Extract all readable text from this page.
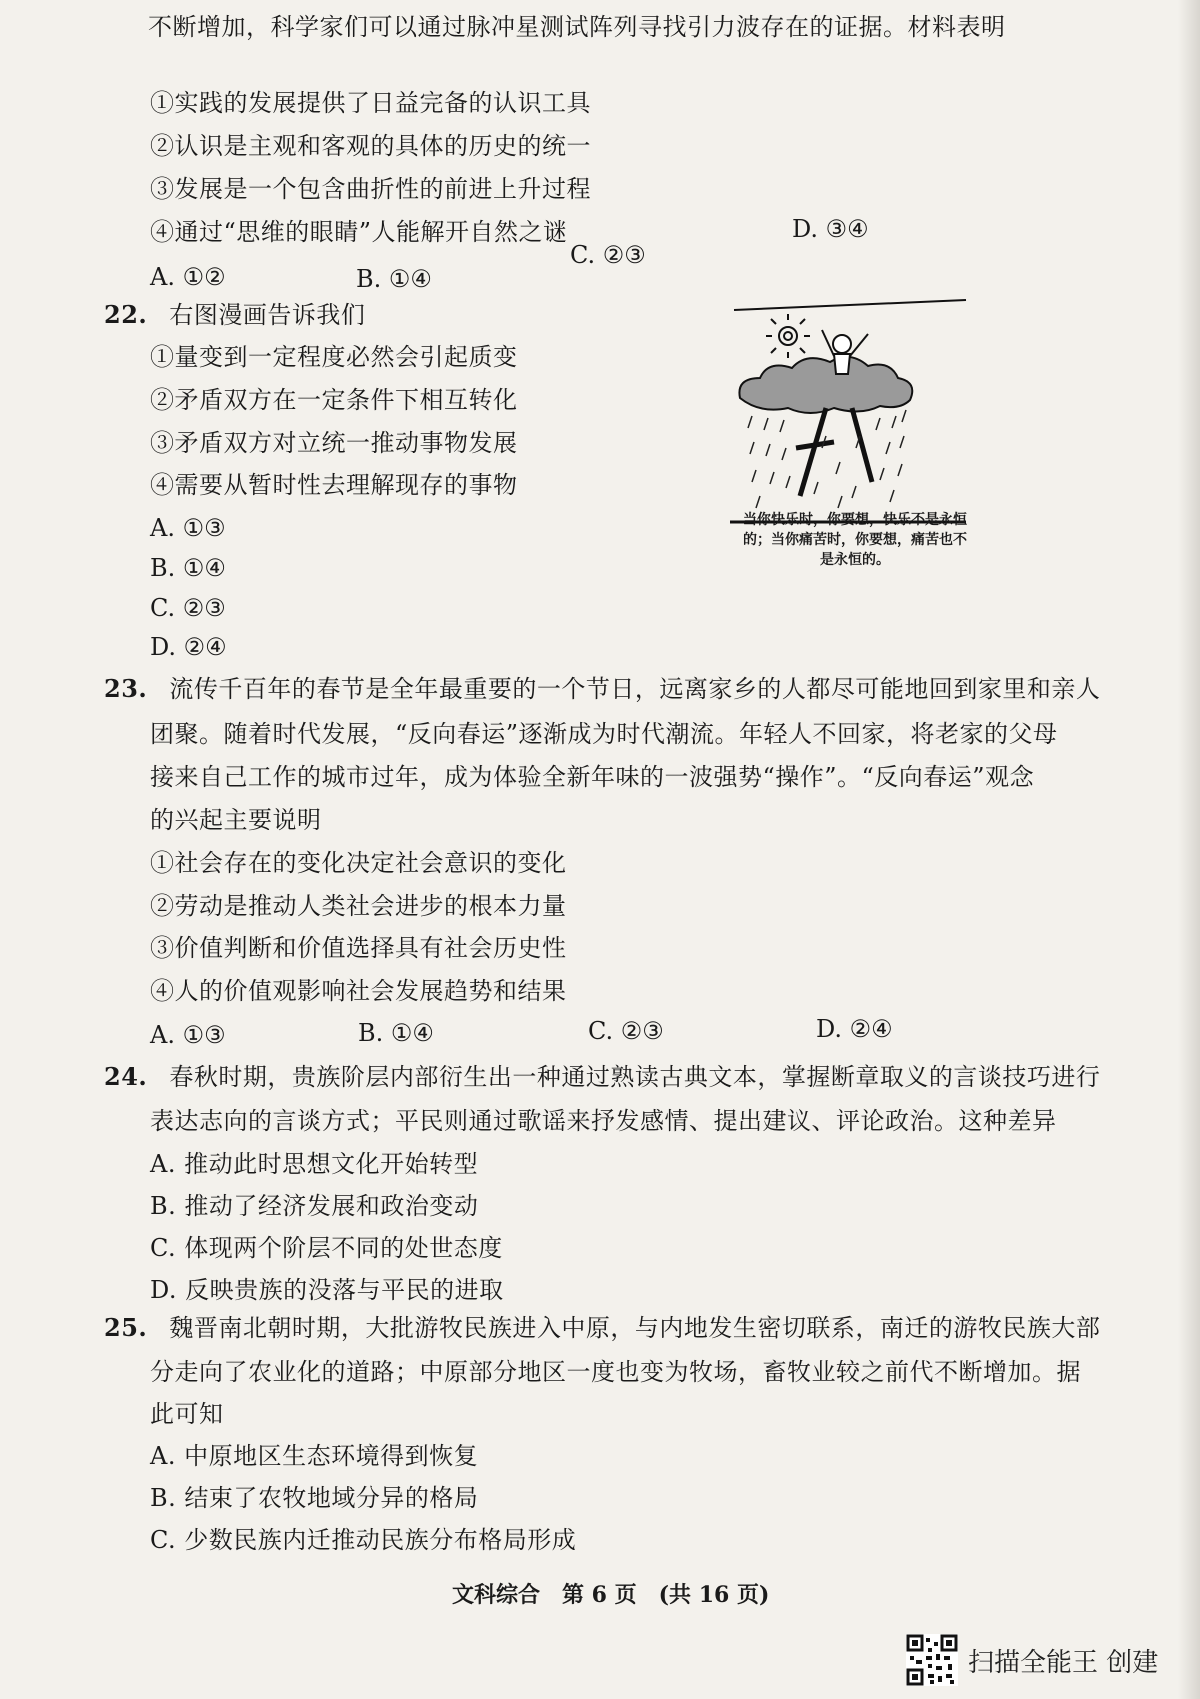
不断增加，科学家们可以通过脉冲星测试阵列寻找引力波存在的证据。材料表明
①实践的发展提供了日益完备的认识工具
②认识是主观和客观的具体的历史的统一
③发展是一个包含曲折性的前进上升过程
④通过“思维的眼睛”人能解开自然之谜
A. ①②	B. ①④
C. ②③
D. ③④
22. 右图漫画告诉我们
①量变到一定程度必然会引起质变
②矛盾双方在一定条件下相互转化
③矛盾双方对立统一推动事物发展
④需要从暂时性去理解现存的事物
A. ①③
B. ①④
C. ②③
D. ②④
当你快乐时，你要想，快乐不是永恒的；当你痛苦时，你要想，痛苦也不是永恒的。
23. 流传千百年的春节是全年最重要的一个节日，远离家乡的人都尽可能地回到家里和亲人
团聚。随着时代发展，“反向春运”逐渐成为时代潮流。年轻人不回家，将老家的父母
接来自己工作的城市过年，成为体验全新年味的一波强势“操作”。“反向春运”观念
的兴起主要说明
①社会存在的变化决定社会意识的变化
②劳动是推动人类社会进步的根本力量
③价值判断和价值选择具有社会历史性
④人的价值观影响社会发展趋势和结果
A. ①③	B. ①④	C. ②③	D. ②④
24. 春秋时期，贵族阶层内部衍生出一种通过熟读古典文本，掌握断章取义的言谈技巧进行
表达志向的言谈方式；平民则通过歌谣来抒发感情、提出建议、评论政治。这种差异
A. 推动此时思想文化开始转型
B. 推动了经济发展和政治变动
C. 体现两个阶层不同的处世态度
D. 反映贵族的没落与平民的进取
25. 魏晋南北朝时期，大批游牧民族进入中原，与内地发生密切联系，南迁的游牧民族大部
分走向了农业化的道路；中原部分地区一度也变为牧场，畜牧业较之前代不断增加。据
此可知
A. 中原地区生态环境得到恢复
B. 结束了农牧地域分异的格局
C. 少数民族内迁推动民族分布格局形成
文科综合　第 6 页　(共 16 页)
扫描全能王 创建
